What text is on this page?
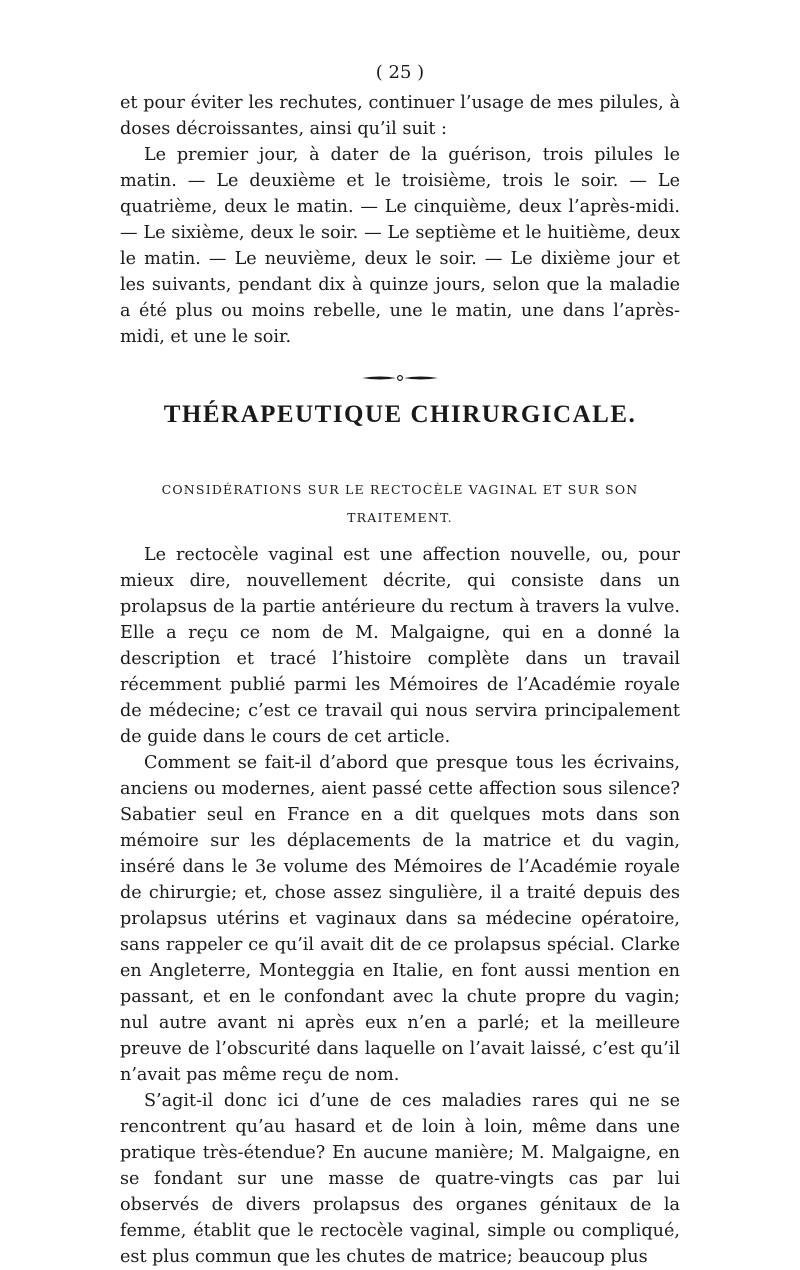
( 25 )

et pour éviter les rechutes, continuer l’usage de mes pilules, à doses décroissantes, ainsi qu’il suit :

Le premier jour, à dater de la guérison, trois pilules le matin. — Le deuxième et le troisième, trois le soir. — Le quatrième, deux le matin. — Le cinquième, deux l’après-midi. — Le sixième, deux le soir. — Le septième et le huitième, deux le matin. — Le neuvième, deux le soir. — Le dixième jour et les suivants, pendant dix à quinze jours, selon que la maladie a été plus ou moins rebelle, une le matin, une dans l’après-midi, et une le soir.

THÉRAPEUTIQUE CHIRURGICALE.
CONSIDÉRATIONS SUR LE RECTOCÈLE VAGINAL ET SUR SON
TRAITEMENT.

Le rectocèle vaginal est une affection nouvelle, ou, pour mieux dire, nouvellement décrite, qui consiste dans un prolapsus de la partie antérieure du rectum à travers la vulve. Elle a reçu ce nom de M. Malgaigne, qui en a donné la description et tracé l’histoire complète dans un travail récemment publié parmi les Mémoires de l’Académie royale de médecine; c’est ce travail qui nous servira principalement de guide dans le cours de cet article.

Comment se fait-il d’abord que presque tous les écrivains, anciens ou modernes, aient passé cette affection sous silence? Sabatier seul en France en a dit quelques mots dans son mémoire sur les déplacements de la matrice et du vagin, inséré dans le 3e volume des Mémoires de l’Académie royale de chirurgie; et, chose assez singulière, il a traité depuis des prolapsus utérins et vaginaux dans sa médecine opératoire, sans rappeler ce qu’il avait dit de ce prolapsus spécial. Clarke en Angleterre, Monteggia en Italie, en font aussi mention en passant, et en le confondant avec la chute propre du vagin; nul autre avant ni après eux n’en a parlé; et la meilleure preuve de l’obscurité dans laquelle on l’avait laissé, c’est qu’il n’avait pas même reçu de nom.

S’agit-il donc ici d’une de ces maladies rares qui ne se rencontrent qu’au hasard et de loin à loin, même dans une pratique très-étendue? En aucune manière; M. Malgaigne, en se fondant sur une masse de quatre-vingts cas par lui observés de divers prolapsus des organes génitaux de la femme, établit que le rectocèle vaginal, simple ou compliqué, est plus commun que les chutes de matrice; beaucoup plus
